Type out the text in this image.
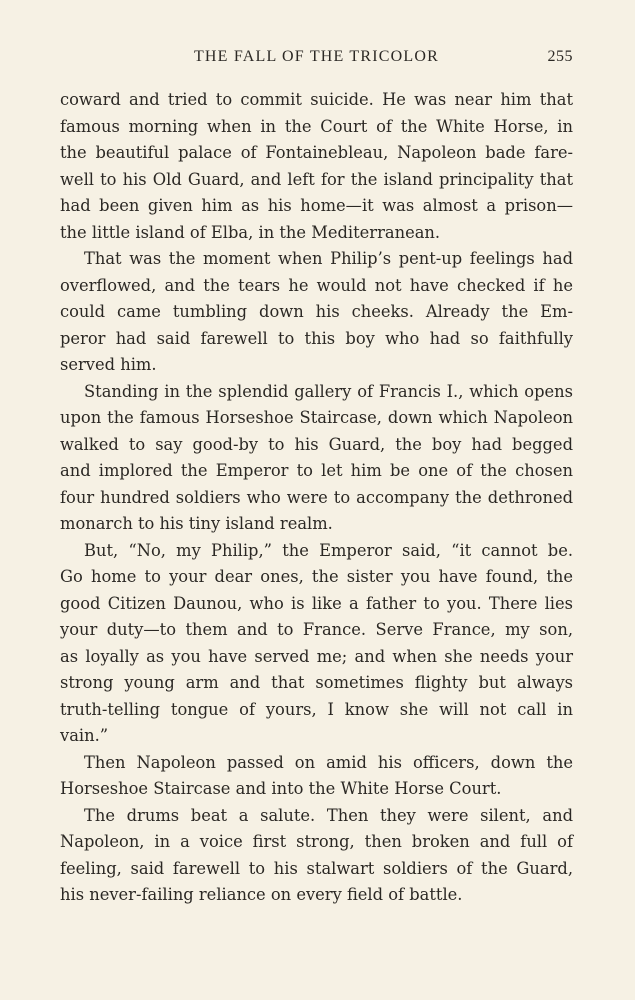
THE FALL OF THE TRICOLOR	255
coward and tried to commit suicide. He was near him that
famous morning when in the Court of the White Horse, in
the beautiful palace of Fontainebleau, Napoleon bade fare-
well to his Old Guard, and left for the island principality that
had been given him as his home—it was almost a prison—
the little island of Elba, in the Mediterranean.
That was the moment when Philip’s pent-up feelings had
overflowed, and the tears he would not have checked if he
could came tumbling down his cheeks. Already the Em-
peror had said farewell to this boy who had so faithfully
served him.
Standing in the splendid gallery of Francis I., which opens
upon the famous Horseshoe Staircase, down which Napoleon
walked to say good-by to his Guard, the boy had begged
and implored the Emperor to let him be one of the chosen
four hundred soldiers who were to accompany the dethroned
monarch to his tiny island realm.
But, “No, my Philip,” the Emperor said, “it cannot be.
Go home to your dear ones, the sister you have found, the
good Citizen Daunou, who is like a father to you. There lies
your duty—to them and to France. Serve France, my son,
as loyally as you have served me; and when she needs your
strong young arm and that sometimes flighty but always
truth-telling tongue of yours, I know she will not call in
vain.”
Then Napoleon passed on amid his officers, down the
Horseshoe Staircase and into the White Horse Court.
The drums beat a salute. Then they were silent, and
Napoleon, in a voice first strong, then broken and full of
feeling, said farewell to his stalwart soldiers of the Guard,
his never-failing reliance on every field of battle.
